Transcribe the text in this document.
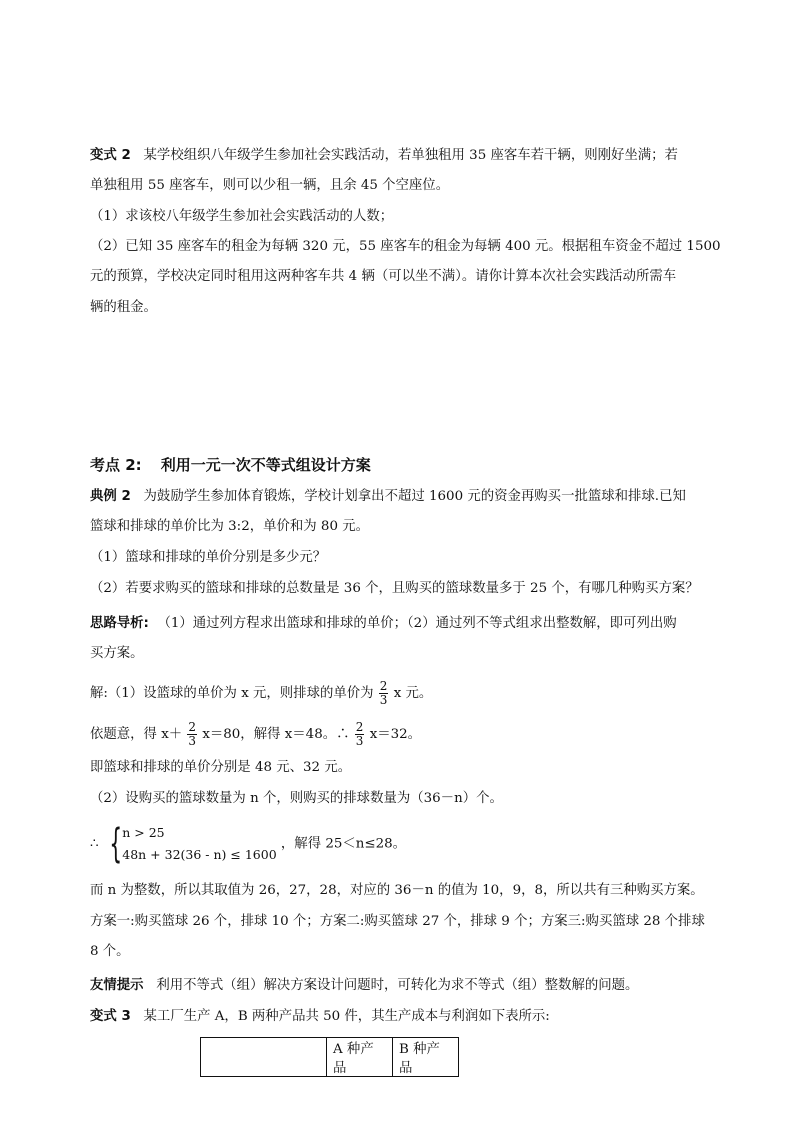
变式 2 某学校组织八年级学生参加社会实践活动，若单独租用 35 座客车若干辆，则刚好坐满；若
单独租用 55 座客车，则可以少租一辆，且余 45 个空座位。
（1）求该校八年级学生参加社会实践活动的人数；
（2）已知 35 座客车的租金为每辆 320 元，55 座客车的租金为每辆 400 元。根据租车资金不超过 1500
元的预算，学校决定同时租用这两种客车共 4 辆（可以坐不满）。请你计算本次社会实践活动所需车
辆的租金。
考点 2: 利用一元一次不等式组设计方案
典例 2 为鼓励学生参加体育锻炼，学校计划拿出不超过 1600 元的资金再购买一批篮球和排球.已知
篮球和排球的单价比为 3:2，单价和为 80 元。
（1）篮球和排球的单价分别是多少元？
（2）若要求购买的篮球和排球的总数量是 36 个，且购买的篮球数量多于 25 个，有哪几种购买方案？
思路导析: （1）通过列方程求出篮球和排球的单价；（2）通过列不等式组求出整数解，即可列出购
买方案。
解:（1）设篮球的单价为 x 元，则排球的单价为 $\frac{2}{3}$ x 元。
依题意，得 $x+ \frac{2}{3} x=80$，解得 x＝48。∴ $\frac{2}{3} x=32$。
即篮球和排球的单价分别是 48 元、32 元。
（2）设购买的篮球数量为 n 个，则购买的排球数量为（36－n）个。
∴ { n > 25
48n + 32(36 - n) ≤ 1600
，解得 25＜n≤28。
而 n 为整数，所以其取值为 26，27，28，对应的 36－n 的值为 10，9，8，所以共有三种购买方案。
方案一:购买篮球 26 个，排球 10 个；方案二:购买篮球 27 个，排球 9 个；方案三:购买篮球 28 个排球
8 个。
友情提示 利用不等式（组）解决方案设计问题时，可转化为求不等式（组）整数解的问题。
变式 3 某工厂生产 A，B 两种产品共 50 件，其生产成本与利润如下表所示:
	A 种产品	B 种产品
